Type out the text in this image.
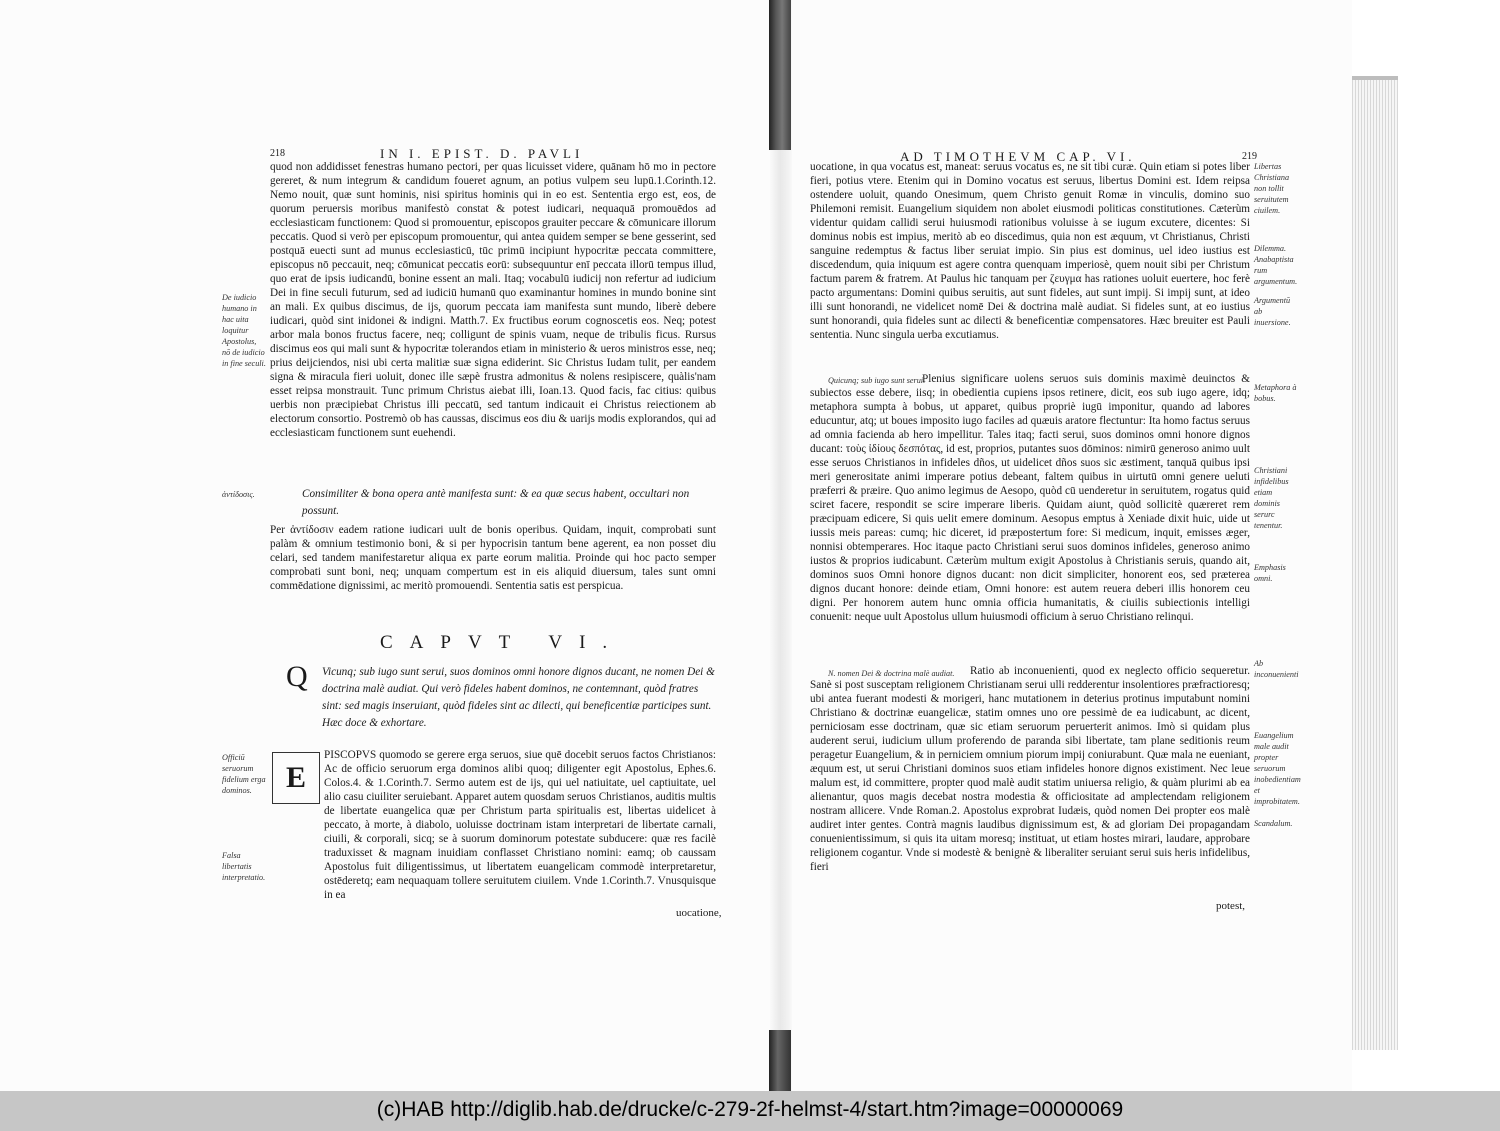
218	IN I. EPIST. D. PAVLI

quod non addidisset fenestras humano pectori, per quas licuisset videre, quānam hō mo in pectore gereret, & num integrum & candidum foueret agnum, an potius vulpem seu lupū.1.Corinth.12. Nemo nouit, quæ sunt hominis, nisi spiritus hominis qui in eo est. Sententia ergo est, eos, de quorum peruersis moribus manifestò constat & potest iudicari, nequaquā promouēdos ad ecclesiasticam functionem: Quod si promouentur, episcopos grauiter peccare & cōmunicare illorum peccatis. Quod si verò per episcopum promouentur, qui antea quidem semper se bene gesserint, sed postquā euecti sunt ad munus ecclesiasticū, tūc primū incipiunt hypocritæ peccata committere, episcopus nō peccauit, neq; cōmunicat peccatis eorū: subsequuntur enī peccata illorū tempus illud, quo erat de ipsis iudicandū, bonine essent an mali. Itaq; vocabulū iudicij non refertur ad iudicium Dei in fine seculi futurum, sed ad iudiciū humanū quo examinantur homines in mundo bonine sint an mali. Ex quibus discimus, de ijs, quorum peccata iam manifesta sunt mundo, liberè debere iudicari, quòd sint inidonei & indigni. Matth.7. Ex fructibus eorum cognoscetis eos. Neq; potest arbor mala bonos fructus facere, neq; colligunt de spinis vuam, neque de tribulis ficus. Rursus discimus eos qui mali sunt & hypocritæ tolerandos etiam in ministerio & ueros ministros esse, neq; prius deijciendos, nisi ubi certa malitiæ suæ signa ediderint. Sic Christus Iudam tulit, per eandem signa & miracula fieri uoluit, donec ille sæpè frustra admonitus & nolens resipiscere, quàlis'nam esset reipsa monstrauit. Tunc primum Christus aiebat illi, Ioan.13. Quod facis, fac citius: quibus uerbis non præcipiebat Christus illi peccatū, sed tantum indicauit ei Christus reiectionem ab electorum consortio. Postremò ob has caussas, discimus eos diu & uarijs modis explorandos, qui ad ecclesiasticam functionem sunt euehendi.

De iudicio humano in hac uita loquitur Apostolus, nō de iudicio in fine seculi.

ἀντίδοσις.	Consimiliter & bona opera antè manifesta sunt: & ea quæ secus habent, occultari non possunt.

Per ἀντίδοσιν eadem ratione iudicari uult de bonis operibus. Quidam, inquit, comprobati sunt palàm & omnium testimonio boni, & si per hypocrisin tantum bene agerent, ea non posset diu celari, sed tandem manifestaretur aliqua ex parte eorum malitia. Proinde qui hoc pacto semper comprobati sunt boni, neq; unquam compertum est in eis aliquid diuersum, tales sunt omni commēdatione dignissimi, ac meritò promouendi. Sententia satis est perspicua.

CAPVT VI.
Q Vicunq; sub iugo sunt serui, suos dominos omni honore dignos ducant, ne nomen Dei & doctrina malè audiat. Qui verò fideles habent dominos, ne contemnant, quòd fratres sint: sed magis inseruiant, quòd fideles sint ac dilecti, qui beneficentiæ participes sunt. Hæc doce & exhortare.

Officiū seruorum fidelium erga dominos.

Falsa libertatis interpretatio.

E

PISCOPVS quomodo se gerere erga seruos, siue quē docebit seruos factos Christianos: Ac de officio seruorum erga dominos alibi quoq; diligenter egit Apostolus, Ephes.6. Colos.4. & 1.Corinth.7. Sermo autem est de ijs, qui uel natiuitate, uel captiuitate, uel alio casu ciuiliter seruiebant. Apparet autem quosdam seruos Christianos, auditis multis de libertate euangelica quæ per Christum parta spiritualis est, libertas uidelicet à peccato, à morte, à diabolo, uoluisse doctrinam istam interpretari de libertate carnali, ciuili, & corporali, sicq; se à suorum dominorum potestate subducere: quæ res facilè traduxisset & magnam inuidiam conflasset Christiano nomini: eamq; ob caussam Apostolus fuit diligentissimus, ut libertatem euangelicam commodè interpretaretur, ostēderetq; eam nequaquam tollere seruitutem ciuilem. Vnde 1.Corinth.7. Vnusquisque in ea

uocatione,
AD TIMOTHEVM CAP. VI.	219

uocatione, in qua vocatus est, maneat: seruus vocatus es, ne sit tibi curæ. Quin etiam si potes liber fieri, potius vtere. Etenim qui in Domino vocatus est seruus, libertus Domini est. Idem reipsa ostendere uoluit, quando Onesimum, quem Christo genuit Romæ in vinculis, domino suo Philemoni remisit. Euangelium siquidem non abolet eiusmodi politicas constitutiones. Cæterùm videntur quidam callidi serui huiusmodi rationibus voluisse à se iugum excutere, dicentes: Si dominus nobis est impius, meritò ab eo discedimus, quia non est æquum, vt Christianus, Christi sanguine redemptus & factus liber seruiat impio. Sin pius est dominus, uel ideo iustius est discedendum, quia iniquum est agere contra quenquam imperiosè, quem nouit sibi per Christum factum parem & fratrem. At Paulus hic tanquam per ζευγμα has rationes uoluit euertere, hoc ferè pacto argumentans: Domini quibus seruitis, aut sunt fideles, aut sunt impij. Si impij sunt, at ideo illi sunt honorandi, ne videlicet nomē Dei & doctrina malè audiat. Si fideles sunt, at eo iustius sunt honorandi, quia fideles sunt ac dilecti & beneficentiæ compensatores. Hæc breuiter est Pauli sententia. Nunc singula uerba excutiamus.

Libertas Christiana non tollit seruitutem ciuilem.

Dilemma. Anabaptista rum argumentum.

Argumentū ab inuersione.

Quicunq; sub iugo sunt serui.

Plenius significare uolens seruos suis dominis maximè deuinctos & subiectos esse debere, iisq; in obedientia cupiens ipsos retinere, dicit, eos sub iugo agere, idq; metaphora sumpta à bobus, ut apparet, quibus propriè iugū imponitur, quando ad labores educuntur, atq; ut boues imposito iugo faciles ad quæuis aratore flectuntur: Ita homo factus seruus ad omnia facienda ab hero impellitur. Tales itaq; facti serui, suos dominos omni honore dignos ducant: τοὺς ἰδίους δεσπότας, id est, proprios, putantes suos dōminos: nimirū generoso animo uult esse seruos Christianos in infideles dños, ut uidelicet dños suos sic æstiment, tanquā quibus ipsi meri generositate animi imperare potius debeant, faltem quibus in uirtutū omni genere ueluti præferri & præire. Quo animo legimus de Aesopo, quòd cū uenderetur in seruitutem, rogatus quid sciret facere, respondit se scire imperare liberis. Quidam aiunt, quòd sollicitè quæreret rem præcipuam edicere, Si quis uelit emere dominum. Aesopus emptus à Xeniade dixit huic, uide ut iussis meis pareas: cumq; hic diceret, id præpostertum fore: Si medicum, inquit, emisses æger, nonnisi obtemperares. Hoc itaque pacto Christiani serui suos dominos infideles, generoso animo iustos & proprios iudicabunt. Cæterùm multum exigit Apostolus à Christianis seruis, quando ait, dominos suos Omni honore dignos ducant: non dicit simpliciter, honorent eos, sed præterea dignos ducant honore: deinde etiam, Omni honore: est autem reuera deberi illis honorem ceu digni. Per honorem autem hunc omnia officia humanitatis, & ciuilis subiectionis intelligi conuenit: neque uult Apostolus ullum huiusmodi officium à seruo Christiano relinqui.

Metaphora à bobus.

Christiani infidelibus etiam dominis serurc tenentur.

Emphasis omni.

N. nomen Dei & doctrina malè audiat.	Ratio ab inconuenienti, quod ex neglecto officio sequeretur. Sanè si post susceptam religionem Christianam serui ulli redderentur insolentiores præfractioresq; ubi antea fuerant modesti & morigeri, hanc mutationem in deterius protinus imputabunt nomini Christiano & doctrinæ euangelicæ, statim omnes uno ore pessimè de ea iudicabunt, ac dicent, perniciosam esse doctrinam, quæ sic etiam seruorum peruerterit animos. Imò si quidam plus auderent serui, iudicium ullum proferendo de paranda sibi libertate, tam plane seditionis reum peragetur Euangelium, & in perniciem omnium piorum impij coniurabunt. Quæ mala ne eueniant, æquum est, ut serui Christiani dominos suos etiam infideles honore dignos existiment. Nec leue malum est, id committere, propter quod malè audit statim uniuersa religio, & quàm plurimi ab ea alienantur, quos magis decebat nostra modestia & officiositate ad amplectendam religionem nostram allicere. Vnde Roman.2. Apostolus exprobrat Iudæis, quòd nomen Dei propter eos malè audiret inter gentes. Contrà magnis laudibus dignissimum est, & ad gloriam Dei propagandam conuenientissimum, si quis ita uitam moresq; instituat, ut etiam hostes mirari, laudare, approbare religionem cogantur. Vnde si modestè & benignè & liberaliter seruiant serui suis heris infidelibus, fieri

Ab inconuenienti

Euangelium male audit propter seruorum inobedientiam et improbitatem.

Scandalum.

potest,
(c)HAB http://diglib.hab.de/drucke/c-279-2f-helmst-4/start.htm?image=00000069
